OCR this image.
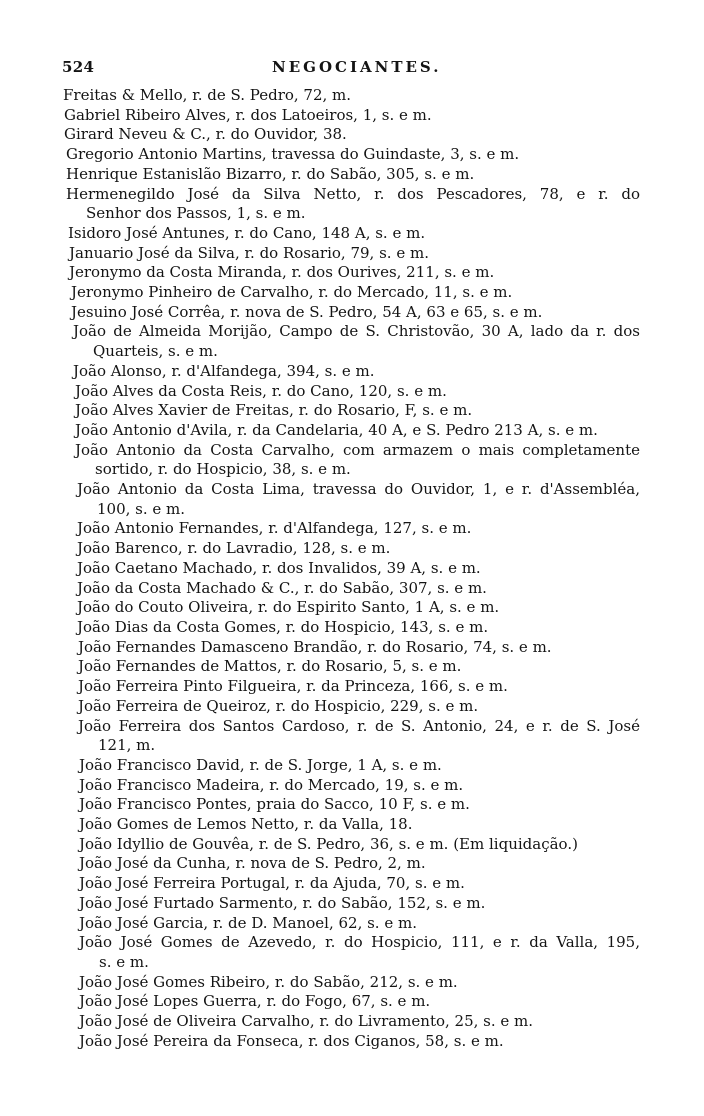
524	NEGOCIANTES.
Freitas & Mello, r. de S. Pedro, 72, m.
Gabriel Ribeiro Alves, r. dos Latoeiros, 1, s. e m.
Girard Neveu & C., r. do Ouvidor, 38.
Gregorio Antonio Martins, travessa do Guindaste, 3, s. e m.
Henrique Estanislão Bizarro, r. do Sabão, 305, s. e m.
Hermenegildo José da Silva Netto, r. dos Pescadores, 78, e r. do
Senhor dos Passos, 1, s. e m.
Isidoro José Antunes, r. do Cano, 148 A, s. e m.
Januario José da Silva, r. do Rosario, 79, s. e m.
Jeronymo da Costa Miranda, r. dos Ourives, 211, s. e m.
Jeronymo Pinheiro de Carvalho, r. do Mercado, 11, s. e m.
Jesuino José Corrêa, r. nova de S. Pedro, 54 A, 63 e 65, s. e m.
João de Almeida Morijão, Campo de S. Christovão, 30 A, lado da r. dos
Quarteis, s. e m.
João Alonso, r. d'Alfandega, 394, s. e m.
João Alves da Costa Reis, r. do Cano, 120, s. e m.
João Alves Xavier de Freitas, r. do Rosario, F, s. e m.
João Antonio d'Avila, r. da Candelaria, 40 A, e S. Pedro 213 A, s. e m.
João Antonio da Costa Carvalho, com armazem o mais completamente
sortido, r. do Hospicio, 38, s. e m.
João Antonio da Costa Lima, travessa do Ouvidor, 1, e r. d'Assembléa,
100, s. e m.
João Antonio Fernandes, r. d'Alfandega, 127, s. e m.
João Barenco, r. do Lavradio, 128, s. e m.
João Caetano Machado, r. dos Invalidos, 39 A, s. e m.
João da Costa Machado & C., r. do Sabão, 307, s. e m.
João do Couto Oliveira, r. do Espirito Santo, 1 A, s. e m.
João Dias da Costa Gomes, r. do Hospicio, 143, s. e m.
João Fernandes Damasceno Brandão, r. do Rosario, 74, s. e m.
João Fernandes de Mattos, r. do Rosario, 5, s. e m.
João Ferreira Pinto Filgueira, r. da Princeza, 166, s. e m.
João Ferreira de Queiroz, r. do Hospicio, 229, s. e m.
João Ferreira dos Santos Cardoso, r. de S. Antonio, 24, e r. de S. José
121, m.
João Francisco David, r. de S. Jorge, 1 A, s. e m.
João Francisco Madeira, r. do Mercado, 19, s. e m.
João Francisco Pontes, praia do Sacco, 10 F, s. e m.
João Gomes de Lemos Netto, r. da Valla, 18.
João Idyllio de Gouvêa, r. de S. Pedro, 36, s. e m. (Em liquidação.)
João José da Cunha, r. nova de S. Pedro, 2, m.
João José Ferreira Portugal, r. da Ajuda, 70, s. e m.
João José Furtado Sarmento, r. do Sabão, 152, s. e m.
João José Garcia, r. de D. Manoel, 62, s. e m.
João José Gomes de Azevedo, r. do Hospicio, 111, e r. da Valla, 195,
s. e m.
João José Gomes Ribeiro, r. do Sabão, 212, s. e m.
João José Lopes Guerra, r. do Fogo, 67, s. e m.
João José de Oliveira Carvalho, r. do Livramento, 25, s. e m.
João José Pereira da Fonseca, r. dos Ciganos, 58, s. e m.
